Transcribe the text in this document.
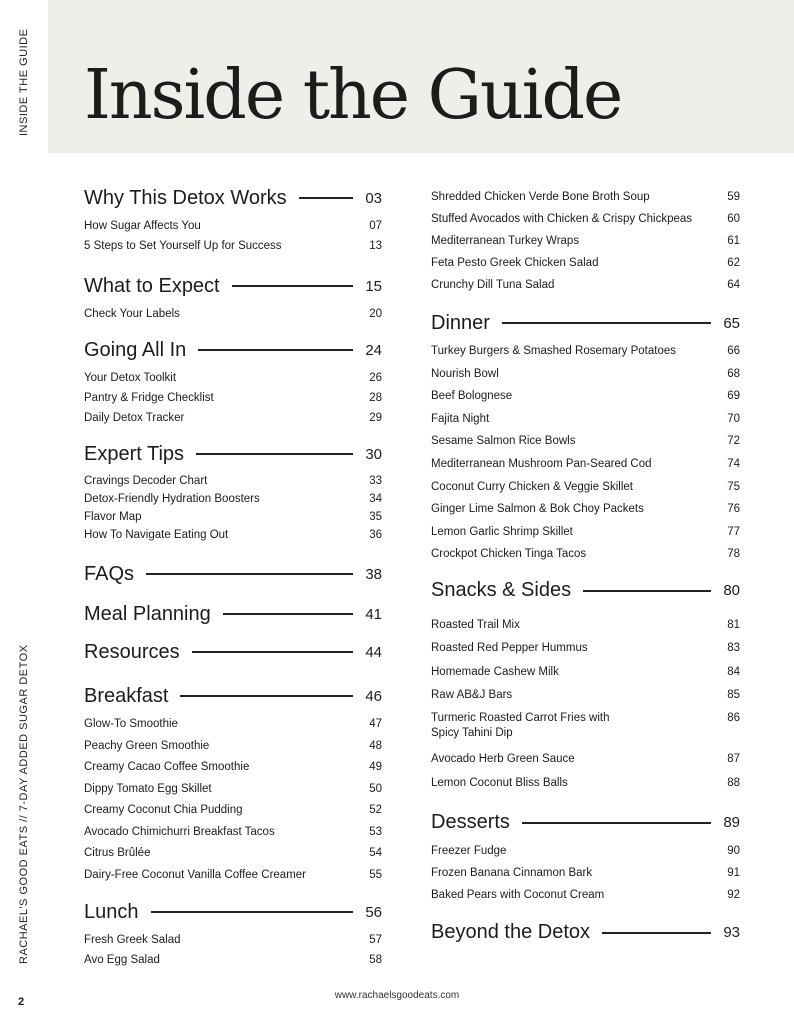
Inside the Guide
INSIDE THE GUIDE
RACHAEL'S GOOD EATS // 7-DAY ADDED SUGAR DETOX
2
www.rachaelsgoodeats.com
Why This Detox Works	03
How Sugar Affects You	07
5 Steps to Set Yourself Up for Success	13
What to Expect	15
Check Your Labels	20
Going All In	24
Your Detox Toolkit	26
Pantry & Fridge Checklist	28
Daily Detox Tracker	29
Expert Tips	30
Cravings Decoder Chart	33
Detox-Friendly Hydration Boosters	34
Flavor Map	35
How To Navigate Eating Out	36
FAQs	38
Meal Planning	41
Resources	44
Breakfast	46
Glow-To Smoothie	47
Peachy Green Smoothie	48
Creamy Cacao Coffee Smoothie	49
Dippy Tomato Egg Skillet	50
Creamy Coconut Chia Pudding	52
Avocado Chimichurri Breakfast Tacos	53
Citrus Brûlée	54
Dairy-Free Coconut Vanilla Coffee Creamer	55
Lunch	56
Fresh Greek Salad	57
Avo Egg Salad	58
Shredded Chicken Verde Bone Broth Soup	59
Stuffed Avocados with Chicken & Crispy Chickpeas	60
Mediterranean Turkey Wraps	61
Feta Pesto Greek Chicken Salad	62
Crunchy Dill Tuna Salad	64
Dinner	65
Turkey Burgers & Smashed Rosemary Potatoes	66
Nourish Bowl	68
Beef Bolognese	69
Fajita Night	70
Sesame Salmon Rice Bowls	72
Mediterranean Mushroom Pan-Seared Cod	74
Coconut Curry Chicken & Veggie Skillet	75
Ginger Lime Salmon & Bok Choy Packets	76
Lemon Garlic Shrimp Skillet	77
Crockpot Chicken Tinga Tacos	78
Snacks & Sides	80
Roasted Trail Mix	81
Roasted Red Pepper Hummus	83
Homemade Cashew Milk	84
Raw AB&J Bars	85
Turmeric Roasted Carrot Fries with Spicy Tahini Dip
86
Avocado Herb Green Sauce	87
Lemon Coconut Bliss Balls	88
Desserts	89
Freezer Fudge	90
Frozen Banana Cinnamon Bark	91
Baked Pears with Coconut Cream	92
Beyond the Detox	93
